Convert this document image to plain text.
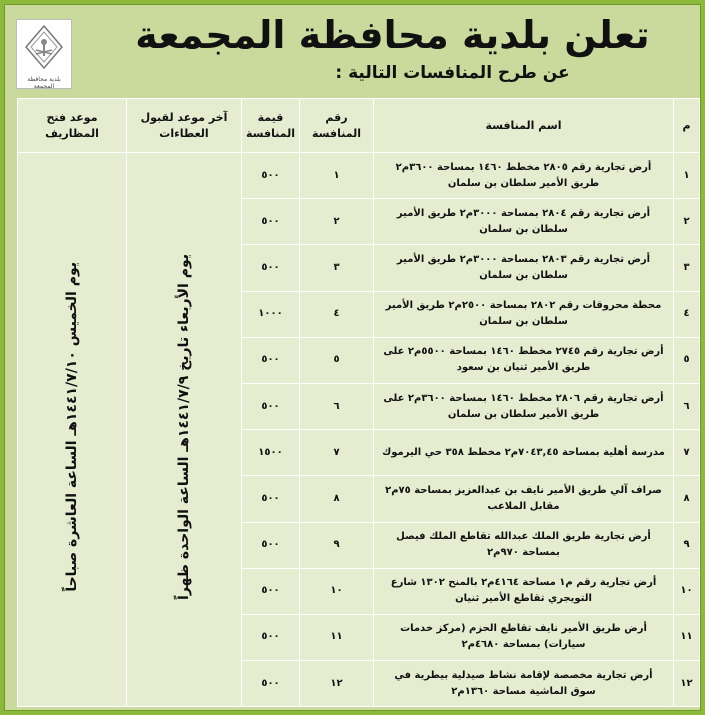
بلدية محافظة المجمعة
تعلن بلدية محافظة المجمعة
عن طرح المنافسات التالية :
م	اسم المنافسة	رقم المنافسة	قيمة المنافسة	آخر موعد لقبول العطاءات	موعد فتح المظاريف
١	أرض تجارية رقم ٢٨٠٥ مخطط ١٤٦٠ بمساحة ٣٦٠٠م٢ طريق الأمير سلطان بن سلمان	١	٥٠٠	يوم الأربعاء تاريخ ١٤٤١/٧/٩هـ الساعة الواحدة ظهراً	يوم الخميس ١٤٤١/٧/١٠هـ الساعة العاشرة صباحاً
٢	أرض تجارية رقم ٢٨٠٤ بمساحة ٣٠٠٠م٢ طريق الأمير سلطان بن سلمان	٢	٥٠٠		
٣	أرض تجارية رقم ٢٨٠٣ بمساحة ٣٠٠٠م٢ طريق الأمير سلطان بن سلمان	٣	٥٠٠		
٤	محطة محروقات رقم ٢٨٠٢ بمساحة ٢٥٠٠م٢ طريق الأمير سلطان بن سلمان	٤	١٠٠٠		
٥	أرض تجارية رقم ٢٧٤٥ مخطط ١٤٦٠ بمساحة ٥٥٠٠م٢ على طريق الأمير ثنيان بن سعود	٥	٥٠٠		
٦	أرض تجارية رقم ٢٨٠٦ مخطط ١٤٦٠ بمساحة ٣٦٠٠م٢ على طريق الأمير سلطان بن سلمان	٦	٥٠٠		
٧	مدرسة أهلية بمساحة ٧٠٤٣,٤٥م٢ مخطط ٣٥٨ حي اليرموك	٧	١٥٠٠		
٨	صراف آلي طريق الأمير نايف بن عبدالعزيز بمساحة ٧٥م٢ مقابل الملاعب	٨	٥٠٠		
٩	أرض تجارية طريق الملك عبدالله تقاطع الملك فيصل بمساحة ٩٧٠م٢	٩	٥٠٠		
١٠	أرض تجارية رقم م١ مساحة ٤١٦٤م٢ بالمنح ١٣٠٢ شارع التويجري تقاطع الأمير ثنيان	١٠	٥٠٠		
١١	أرض طريق الأمير نايف تقاطع الحزم (مركز خدمات سيارات) بمساحة ٤٦٨٠م٢	١١	٥٠٠		
١٢	أرض تجارية مخصصة لإقامة نشاط صيدلية بيطرية في سوق الماشية مساحة ١٣٦٠م٢	١٢	٥٠٠		
